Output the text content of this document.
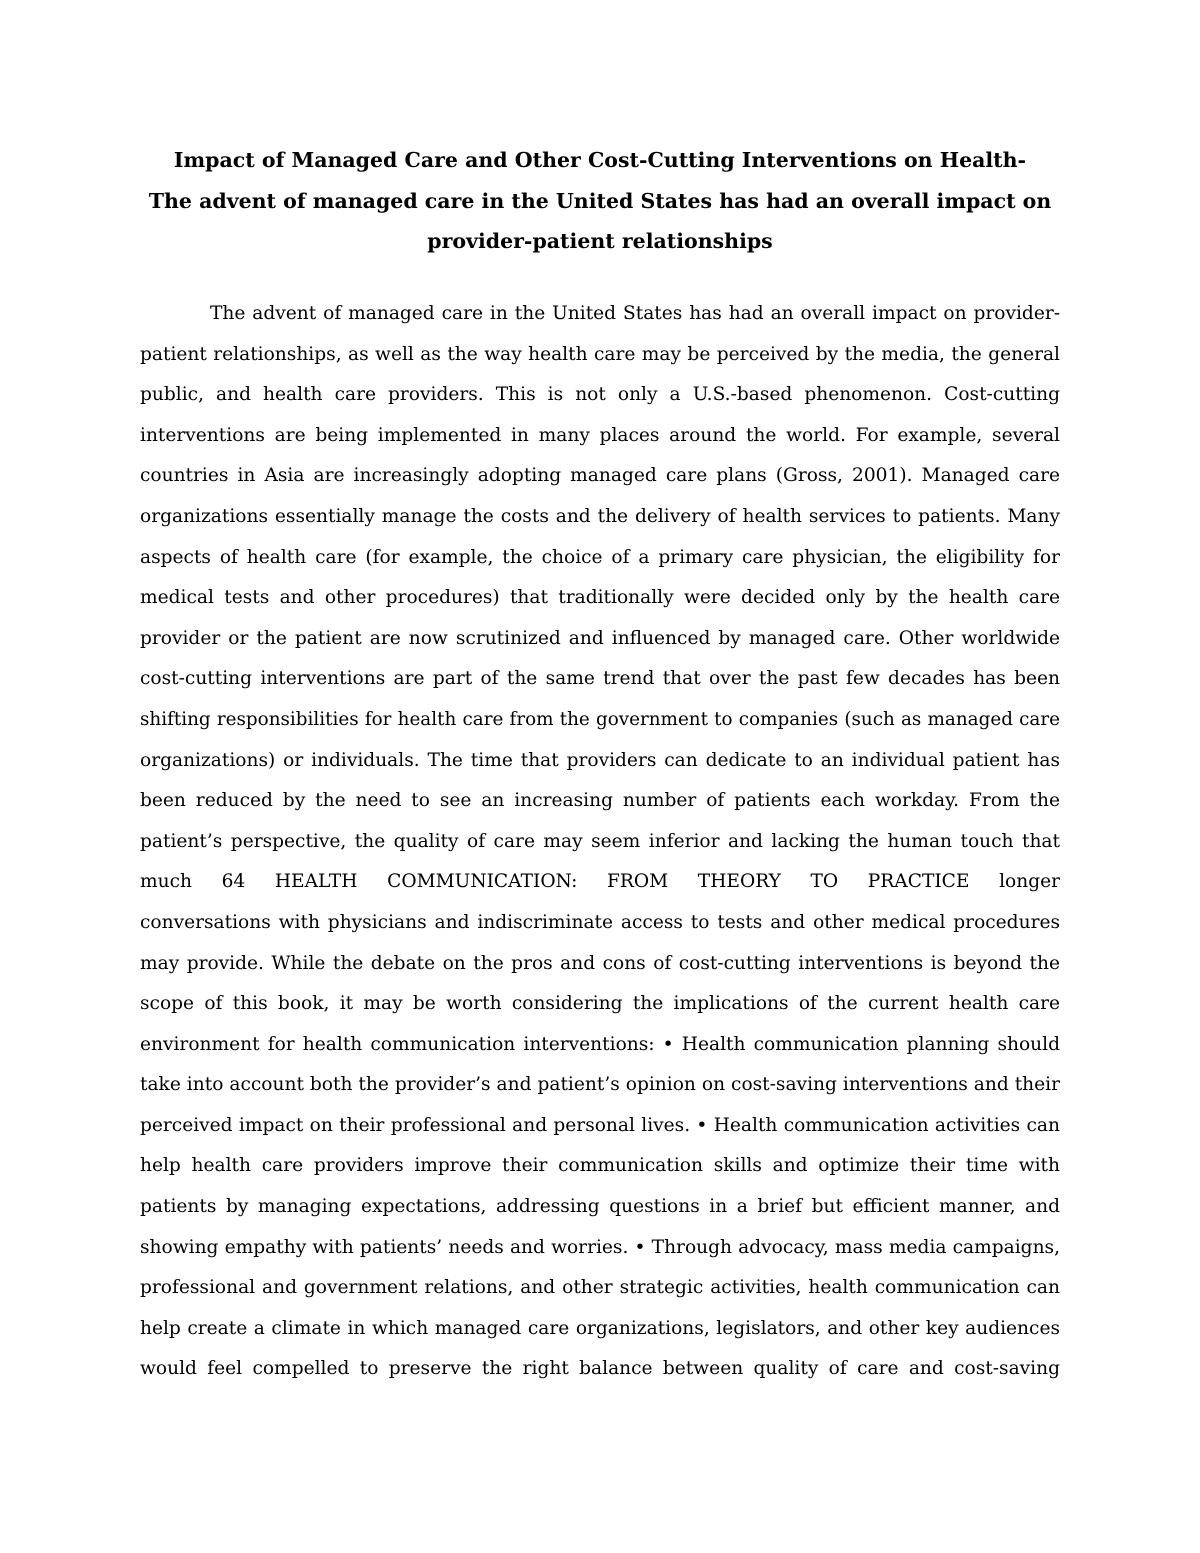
Impact of Managed Care and Other Cost-Cutting Interventions on Health-

The advent of managed care in the United States has had an overall impact on

provider-patient relationships

The advent of managed care in the United States has had an overall impact on provider-

patient relationships, as well as the way health care may be perceived by the media, the general

public, and health care providers. This is not only a U.S.-based phenomenon. Cost-cutting

interventions are being implemented in many places around the world. For example, several

countries in Asia are increasingly adopting managed care plans (Gross, 2001). Managed care

organizations essentially manage the costs and the delivery of health services to patients. Many

aspects of health care (for example, the choice of a primary care physician, the eligibility for

medical tests and other procedures) that traditionally were decided only by the health care

provider or the patient are now scrutinized and influenced by managed care. Other worldwide

cost-cutting interventions are part of the same trend that over the past few decades has been

shifting responsibilities for health care from the government to companies (such as managed care

organizations) or individuals. The time that providers can dedicate to an individual patient has

been reduced by the need to see an increasing number of patients each workday. From the

patient’s perspective, the quality of care may seem inferior and lacking the human touch that

much 64 HEALTH COMMUNICATION: FROM THEORY TO PRACTICE longer

conversations with physicians and indiscriminate access to tests and other medical procedures

may provide. While the debate on the pros and cons of cost-cutting interventions is beyond the

scope of this book, it may be worth considering the implications of the current health care

environment for health communication interventions: • Health communication planning should

take into account both the provider’s and patient’s opinion on cost-saving interventions and their

perceived impact on their professional and personal lives. • Health communication activities can

help health care providers improve their communication skills and optimize their time with

patients by managing expectations, addressing questions in a brief but efficient manner, and

showing empathy with patients’ needs and worries. • Through advocacy, mass media campaigns,

professional and government relations, and other strategic activities, health communication can

help create a climate in which managed care organizations, legislators, and other key audiences

would feel compelled to preserve the right balance between quality of care and cost-saving
